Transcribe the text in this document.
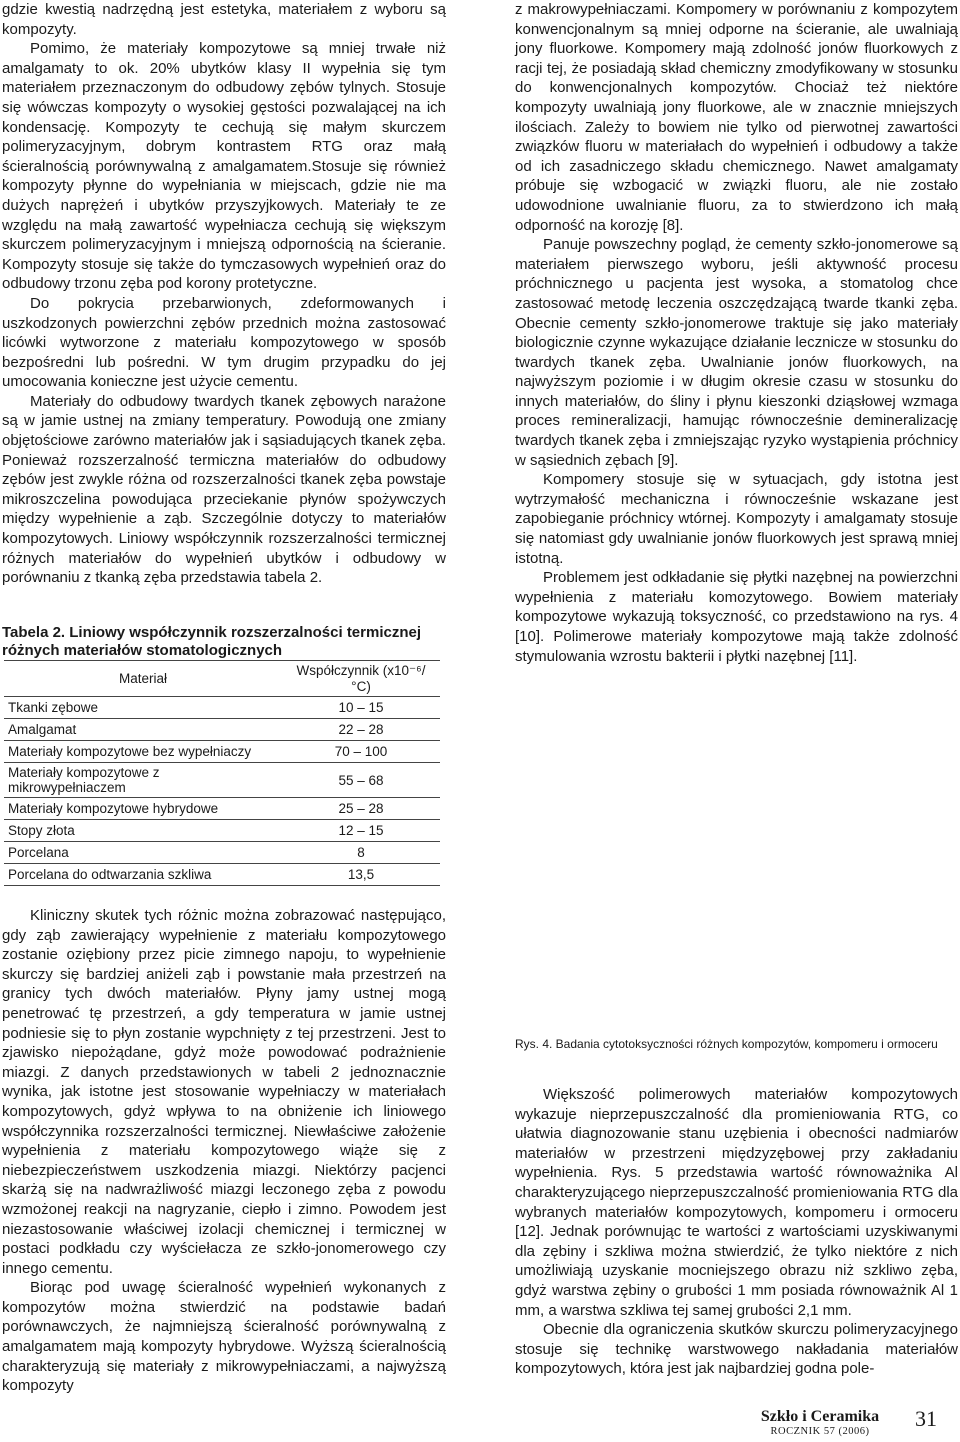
gdzie kwestią nadrzędną jest estetyka, materiałem z wyboru są kompozyty.

Pomimo, że materiały kompozytowe są mniej trwałe niż amalgamaty to ok. 20% ubytków klasy II wypełnia się tym materiałem przeznaczonym do odbudowy zębów tylnych. Stosuje się wówczas kompozyty o wysokiej gęstości pozwalającej na ich kondensację. Kompozyty te cechują się małym skurczem polimeryzacyjnym, dobrym kontrastem RTG oraz małą ścieralnością porównywalną z amalgamatem.Stosuje się również kompozyty płynne do wypełniania w miejscach, gdzie nie ma dużych naprężeń i ubytków przyszyjkowych. Materiały te ze względu na małą zawartość wypełniacza cechują się większym skurczem polimeryzacyjnym i mniejszą odpornością na ścieranie. Kompozyty stosuje się także do tymczasowych wypełnień oraz do odbudowy trzonu zęba pod korony protetyczne.

Do pokrycia przebarwionych, zdeformowanych i uszkodzonych powierzchni zębów przednich można zastosować licówki wytworzone z materiału kompozytowego w sposób bezpośredni lub pośredni. W tym drugim przypadku do jej umocowania konieczne jest użycie cementu.

Materiały do odbudowy twardych tkanek zębowych narażone są w jamie ustnej na zmiany temperatury. Powodują one zmiany objętościowe zarówno materiałów jak i sąsiadujących tkanek zęba. Ponieważ rozszerzalność termiczna materiałów do odbudowy zębów jest zwykle różna od rozszerzalności tkanek zęba powstaje mikroszczelina powodująca przeciekanie płynów spożywczych między wypełnienie a ząb. Szczególnie dotyczy to materiałów kompozytowych. Liniowy współczynnik rozszerzalności termicznej różnych materiałów do wypełnień ubytków i odbudowy w porównaniu z tkanką zęba przedstawia tabela 2.

Tabela 2. Liniowy współczynnik rozszerzalności termicznej różnych materiałów stomatologicznych
Materiał	Współczynnik (x10⁻⁶/ °C)
Tkanki zębowe	10 – 15
Amalgamat	22 – 28
Materiały kompozytowe bez wypełniaczy	70 – 100
Materiały kompozytowe z mikrowypełniaczem	55 – 68
Materiały kompozytowe hybrydowe	25 – 28
Stopy złota	12 – 15
Porcelana	8
Porcelana do odtwarzania szkliwa	13,5

Kliniczny skutek tych różnic można zobrazować następująco, gdy ząb zawierający wypełnienie z materiału kompozytowego zostanie oziębiony przez picie zimnego napoju, to wypełnienie skurczy się bardziej aniżeli ząb i powstanie mała przestrzeń na granicy tych dwóch materiałów. Płyny jamy ustnej mogą penetrować tę przestrzeń, a gdy temperatura w jamie ustnej podniesie się to płyn zostanie wypchnięty z tej przestrzeni. Jest to zjawisko niepożądane, gdyż może powodować podrażnienie miazgi. Z danych przedstawionych w tabeli 2 jednoznacznie wynika, jak istotne jest stosowanie wypełniaczy w materiałach kompozytowych, gdyż wpływa to na obniżenie ich liniowego współczynnika rozszerzalności termicznej. Niewłaściwe założenie wypełnienia z materiału kompozytowego wiąże się z niebezpieczeństwem uszkodzenia miazgi. Niektórzy pacjenci skarżą się na nadwrażliwość miazgi leczonego zęba z powodu wzmożonej reakcji na nagryzanie, ciepło i zimno. Powodem jest niezastosowanie właściwej izolacji chemicznej i termicznej w postaci podkładu czy wyściełacza ze szkło-jonomerowego czy innego cementu.

Biorąc pod uwagę ścieralność wypełnień wykonanych z kompozytów można stwierdzić na podstawie badań porównawczych, że najmniejszą ścieralność porównywalną z amalgamatem mają kompozyty hybrydowe. Wyższą ścieralnością charakteryzują się materiały z mikrowypełniaczami, a najwyższą kompozyty

z makrowypełniaczami. Kompomery w porównaniu z kompozytem konwencjonalnym są mniej odporne na ścieranie, ale uwalniają jony fluorkowe. Kompomery mają zdolność jonów fluorkowych z racji tej, że posiadają skład chemiczny zmodyfikowany w stosunku do konwencjonalnych kompozytów. Chociaż też niektóre kompozyty uwalniają jony fluorkowe, ale w znacznie mniejszych ilościach. Zależy to bowiem nie tylko od pierwotnej zawartości związków fluoru w materiałach do wypełnień i odbudowy a także od ich zasadniczego składu chemicznego. Nawet amalgamaty próbuje się wzbogacić w związki fluoru, ale nie zostało udowodnione uwalnianie fluoru, za to stwierdzono ich małą odporność na korozję [8].

Panuje powszechny pogląd, że cementy szkło-jonomerowe są materiałem pierwszego wyboru, jeśli aktywność procesu próchnicznego u pacjenta jest wysoka, a stomatolog chce zastosować metodę leczenia oszczędzającą twarde tkanki zęba. Obecnie cementy szkło-jonomerowe traktuje się jako materiały biologicznie czynne wykazujące działanie lecznicze w stosunku do twardych tkanek zęba. Uwalnianie jonów fluorkowych, na najwyższym poziomie i w długim okresie czasu w stosunku do innych materiałów, do śliny i płynu kieszonki dziąsłowej wzmaga proces remineralizacji, hamując równocześnie demineralizację twardych tkanek zęba i zmniejszając ryzyko wystąpienia próchnicy w sąsiednich zębach [9].

Kompomery stosuje się w sytuacjach, gdy istotna jest wytrzymałość mechaniczna i równocześnie wskazane jest zapobieganie próchnicy wtórnej. Kompozyty i amalgamaty stosuje się natomiast gdy uwalnianie jonów fluorkowych jest sprawą mniej istotną.

Problemem jest odkładanie się płytki nazębnej na powierzchni wypełnienia z materiału komozytowego. Bowiem materiały kompozytowe wykazują toksyczność, co przedstawiono na rys. 4 [10]. Polimerowe materiały kompozytowe mają także zdolność stymulowania wzrostu bakterii i płytki nazębnej [11].

Rys. 4. Badania cytotoksyczności różnych kompozytów, kompomeru i ormoceru

Większość polimerowych materiałów kompozytowych wykazuje nieprzepuszczalność dla promieniowania RTG, co ułatwia diagnozowanie stanu uzębienia i obecności nadmiarów materiałów w przestrzeni międzyzębowej przy zakładaniu wypełnienia. Rys. 5 przedstawia wartość równoważnika Al charakteryzującego nieprzepuszczalność promieniowania RTG dla wybranych materiałów kompozytowych, kompomeru i ormoceru [12]. Jednak porównując te wartości z wartościami uzyskiwanymi dla zębiny i szkliwa można stwierdzić, że tylko niektóre z nich umożliwiają uzyskanie mocniejszego obrazu niż szkliwo zęba, gdyż warstwa zębiny o grubości 1 mm posiada równoważnik Al 1 mm, a warstwa szkliwa tej samej grubości 2,1 mm.

Obecnie dla ograniczenia skutków skurczu polimeryzacyjnego stosuje się technikę warstwowego nakładania materiałów kompozytowych, która jest jak najbardziej godna pole-

Szkło i Ceramika
ROCZNIK 57 (2006)
31
